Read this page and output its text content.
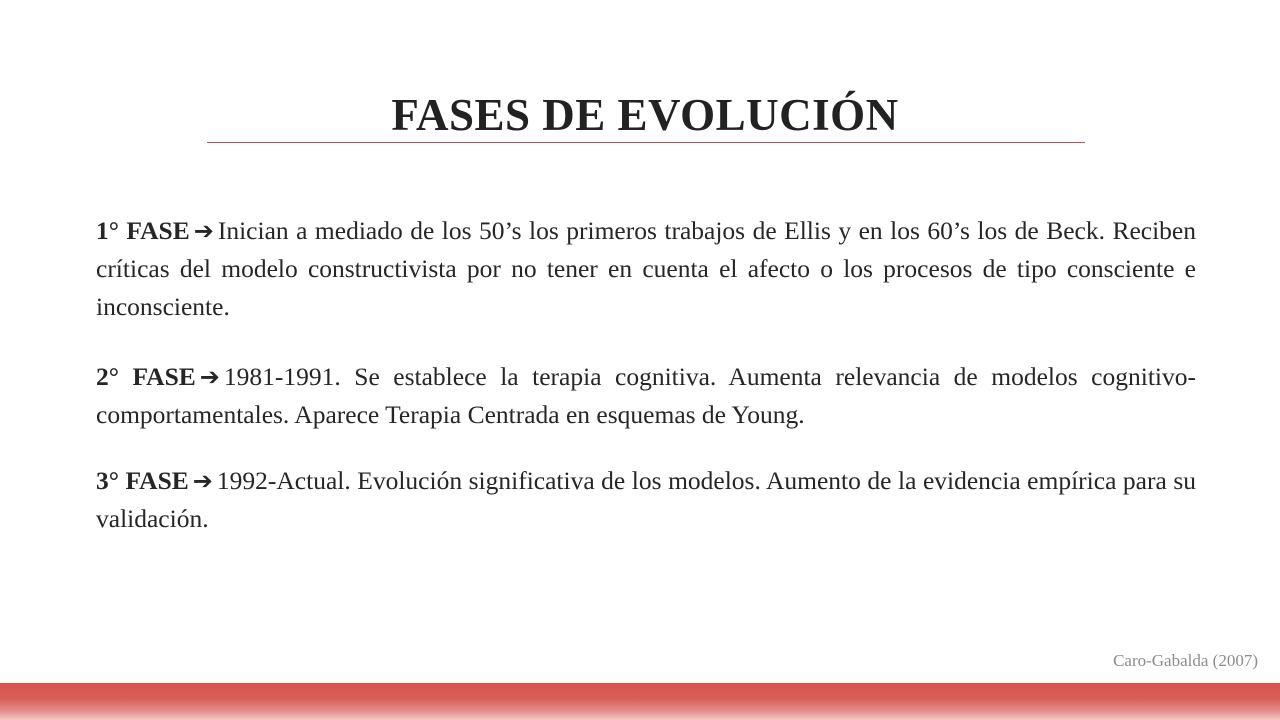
FASES DE EVOLUCIÓN

1° FASE ➔ Inician a mediado de los 50’s los primeros trabajos de Ellis y en los 60’s los de Beck. Reciben críticas del modelo constructivista por no tener en cuenta el afecto o los procesos de tipo consciente e inconsciente.

2° FASE ➔ 1981-1991. Se establece la terapia cognitiva. Aumenta relevancia de modelos cognitivo-comportamentales. Aparece Terapia Centrada en esquemas de Young.

3° FASE ➔ 1992-Actual. Evolución significativa de los modelos. Aumento de la evidencia empírica para su validación.

Caro-Gabalda (2007)
